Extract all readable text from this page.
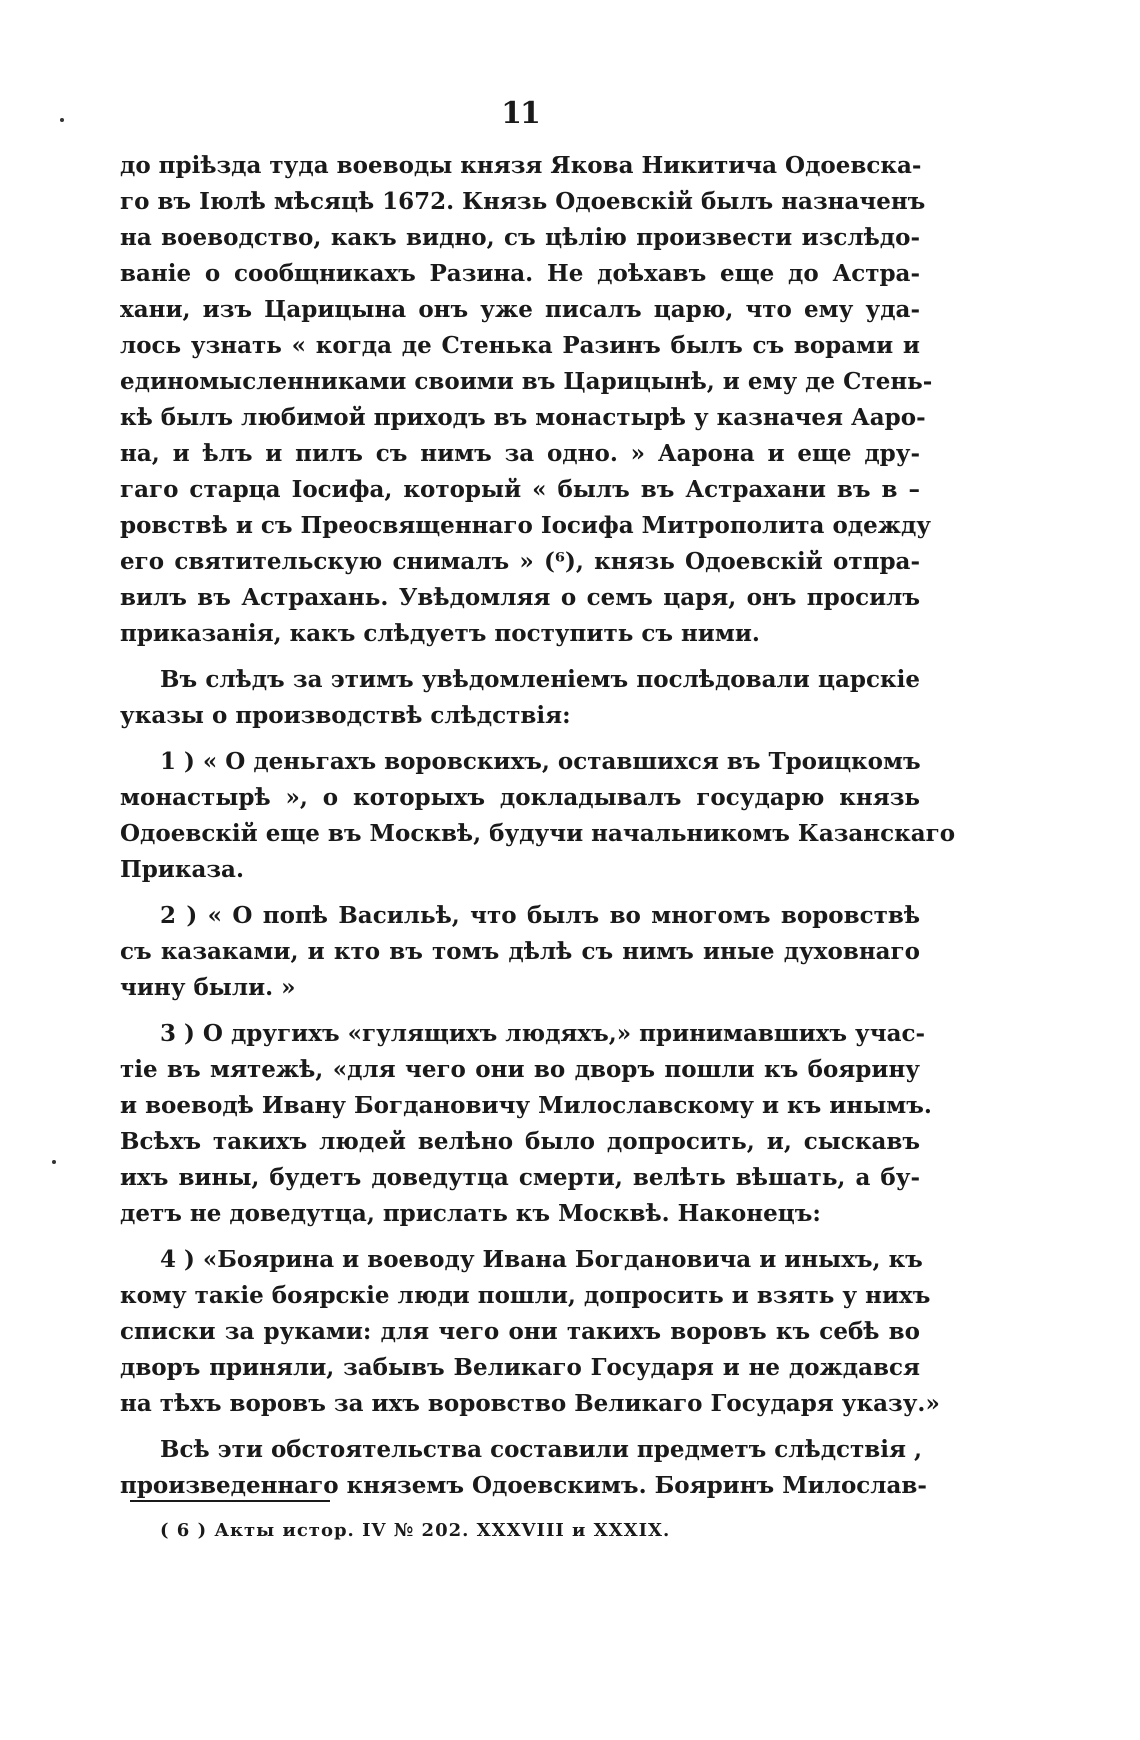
11
до прiѣзда туда воеводы князя Якова Никитича Одоевска-
го въ Iюлѣ мѣсяцѣ 1672. Князь Одоевскiй былъ назначенъ
на воеводство, какъ видно, съ цѣлiю произвести изслѣдо-
ванiе о сообщникахъ Разина. Не доѣхавъ еще до Астра-
хани, изъ Царицына онъ уже писалъ царю, что ему уда-
лось узнать « когда де Стенька Разинъ былъ съ ворами и
единомысленниками своими въ Царицынѣ, и ему де Стень-
кѣ былъ любимой приходъ въ монастырѣ у казначея Ааро-
на, и ѣлъ и пилъ съ нимъ за одно. » Аарона и еще дру-
гаго старца Iосифа, который « былъ въ Астрахани въ в –
ровствѣ и съ Преосвященнаго Iосифа Митрополита одежду
его святительскую снималъ » (⁶), князь Одоевскiй отпра-
вилъ въ Астрахань. Увѣдомляя о семъ царя, онъ просилъ
приказанiя, какъ слѣдуетъ поступить съ ними.
Въ слѣдъ за этимъ увѣдомленiемъ послѣдовали царскiе
указы о производствѣ слѣдствiя:
1 ) « О деньгахъ воровскихъ, оставшихся въ Троицкомъ
монастырѣ », о которыхъ докладывалъ государю князь
Одоевскiй еще въ Москвѣ, будучи начальникомъ Казанскаго
Приказа.
2 ) « О попѣ Васильѣ, что былъ во многомъ воровствѣ
съ казаками, и кто въ томъ дѣлѣ съ нимъ иные духовнаго
чину были. »
3 ) О другихъ «гулящихъ людяхъ,» принимавшихъ учас-
тiе въ мятежѣ, «для чего они во дворъ пошли къ боярину
и воеводѣ Ивану Богдановичу Милославскому и къ инымъ.
Всѣхъ такихъ людей велѣно было допросить, и, сыскавъ
ихъ вины, будетъ доведутца смерти, велѣть вѣшать, а бу-
детъ не доведутца, прислать къ Москвѣ. Наконецъ:
4 ) «Боярина и воеводу Ивана Богдановича и иныхъ, къ
кому такiе боярскiе люди пошли, допросить и взять у нихъ
списки за руками: для чего они такихъ воровъ къ себѣ во
дворъ приняли, забывъ Великаго Государя и не дождався
на тѣхъ воровъ за ихъ воровство Великаго Государя указу.»
Всѣ эти обстоятельства составили предметъ слѣдствiя ,
произведеннаго княземъ Одоевскимъ. Бояринъ Милослав-
( 6 ) Акты истор. IV № 202. XXXVIII и XXXIX.
